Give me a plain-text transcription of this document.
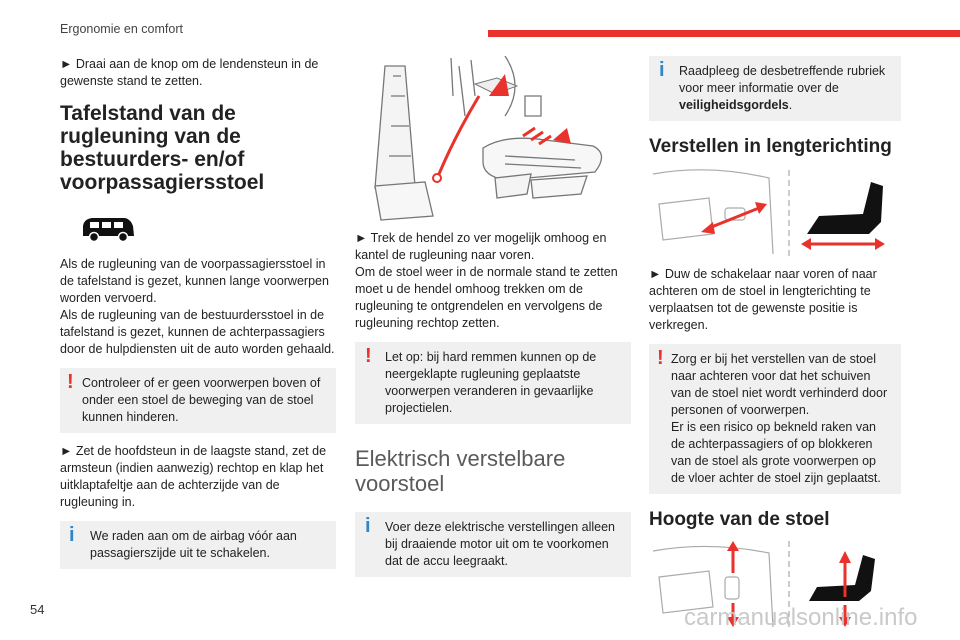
Ergonomie en comfort

► Draai aan de knop om de lendensteun in de gewenste stand te zetten.

Tafelstand van de rugleuning van de bestuurders- en/of voorpassagiersstoel

Als de rugleuning van de voorpassagiersstoel in de tafelstand is gezet, kunnen lange voorwerpen worden vervoerd.

Als de rugleuning van de bestuurdersstoel in de tafelstand is gezet, kunnen de achterpassagiers door de hulpdiensten uit de auto worden gehaald.

! Controleer of er geen voorwerpen boven of onder een stoel de beweging van de stoel kunnen hinderen.

► Zet de hoofdsteun in de laagste stand, zet de armsteun (indien aanwezig) rechtop en klap het uitklaptafeltje aan de achterzijde van de rugleuning in.

i We raden aan om de airbag vóór aan passagierszijde uit te schakelen.

► Trek de hendel zo ver mogelijk omhoog en kantel de rugleuning naar voren.

Om de stoel weer in de normale stand te zetten moet u de hendel omhoog trekken om de rugleuning te ontgrendelen en vervolgens de rugleuning rechtop zetten.

! Let op: bij hard remmen kunnen op de neergeklapte rugleuning geplaatste voorwerpen veranderen in gevaarlijke projectielen.
Elektrisch verstelbare voorstoel
i Voer deze elektrische verstellingen alleen bij draaiende motor uit om te voorkomen dat de accu leegraakt.
i Raadpleeg de desbetreffende rubriek voor meer informatie over de veiligheidsgordels.
Verstellen in lengterichting

► Duw de schakelaar naar voren of naar achteren om de stoel in lengterichting te verplaatsen tot de gewenste positie is verkregen.

! Zorg er bij het verstellen van de stoel naar achteren voor dat het schuiven van de stoel niet wordt verhinderd door personen of voorwerpen.
Er is een risico op bekneld raken van de achterpassagiers of op blokkeren van de stoel als grote voorwerpen op de vloer achter de stoel zijn geplaatst.
Hoogte van de stoel
54	carmanualsonline.info
